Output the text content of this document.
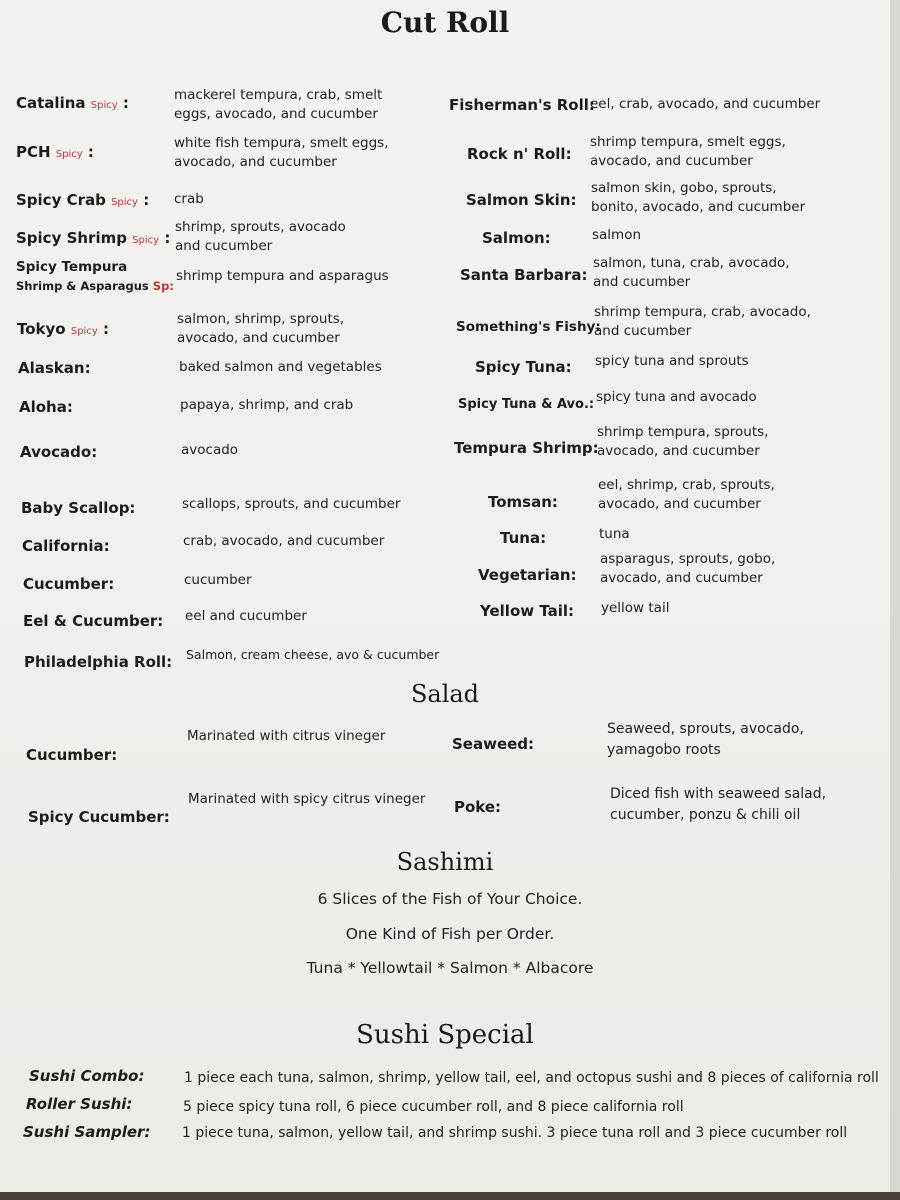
Cut Roll
Catalina Spicy :	mackerel tempura, crab, smelt
eggs, avocado, and cucumber
PCH Spicy :	white fish tempura, smelt eggs,
avocado, and cucumber
Spicy Crab Spicy : crab
Spicy Shrimp Spicy :
shrimp, sprouts, avocado
and cucumber
Spicy Tempura
Shrimp & Asparagus Sp:
shrimp tempura and asparagus
Tokyo Spicy :
salmon, shrimp, sprouts,
avocado, and cucumber
Alaskan:	baked salmon and vegetables
Aloha:	papaya, shrimp, and crab
Avocado:	avocado
Baby Scallop:	scallops, sprouts, and cucumber
California:	crab, avocado, and cucumber
Cucumber:	cucumber
Eel & Cucumber: eel and cucumber
Philadelphia Roll: Salmon, cream cheese, avo & cucumber
Fisherman's Roll:
eel, crab, avocado, and cucumber
Rock n' Roll:
shrimp tempura, smelt eggs,
avocado, and cucumber
Salmon Skin:
salmon skin, gobo, sprouts,
bonito, avocado, and cucumber
Salmon:	salmon
Santa Barbara:
salmon, tuna, crab, avocado,
and cucumber
Something's Fishy:
shrimp tempura, crab, avocado,
and cucumber
Spicy Tuna: spicy tuna and sprouts
Spicy Tuna & Avo.: spicy tuna and avocado
Tempura Shrimp:
shrimp tempura, sprouts,
avocado, and cucumber
Tomsan:
eel, shrimp, crab, sprouts,
avocado, and cucumber
Tuna:	tuna
Vegetarian:
asparagus, sprouts, gobo,
avocado, and cucumber
Yellow Tail: yellow tail
Salad
Cucumber:
Marinated with citrus vineger
Spicy Cucumber:
Marinated with spicy citrus vineger
Seaweed:
Seaweed, sprouts, avocado,
yamagobo roots
Poke:
Diced fish with seaweed salad,
cucumber, ponzu & chili oil
Sashimi
6 Slices of the Fish of Your Choice.
One Kind of Fish per Order.
Tuna * Yellowtail * Salmon * Albacore
Sushi Special
Sushi Combo:	1 piece each tuna, salmon, shrimp, yellow tail, eel, and octopus sushi and 8 pieces of california roll
Roller Sushi:	5 piece spicy tuna roll, 6 piece cucumber roll, and 8 piece california roll
Sushi Sampler: 1 piece tuna, salmon, yellow tail, and shrimp sushi. 3 piece tuna roll and 3 piece cucumber roll
